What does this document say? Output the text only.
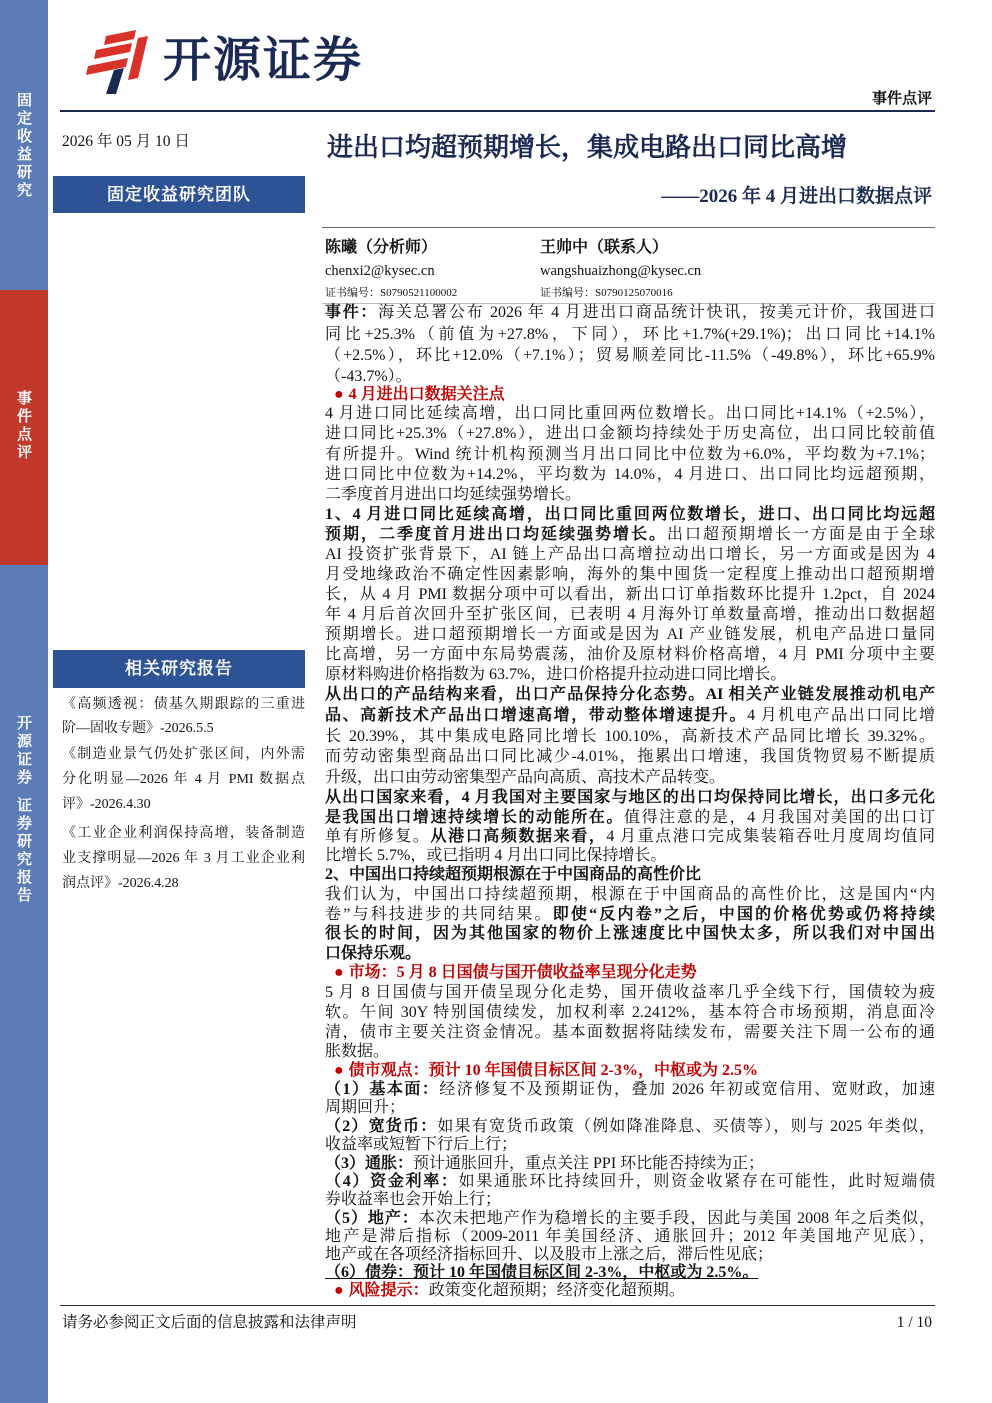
固定收益研究
事件点评
开源证券
证券研究报告
开源证券
事件点评
2026 年 05 月 10 日
固定收益研究团队
相关研究报告
《高频透视：债基久期跟踪的三重进
阶—固收专题》-2026.5.5
《制造业景气仍处扩张区间，内外需
分化明显—2026 年 4 月 PMI 数据点
评》-2026.4.30
《工业企业利润保持高增，装备制造
业支撑明显—2026 年 3 月工业企业利
润点评》-2026.4.28
进出口均超预期增长，集成电路出口同比高增
——2026 年 4 月进出口数据点评
陈曦（分析师）
chenxi2@kysec.cn
证书编号：S0790521100002
王帅中（联系人）
wangshuaizhong@kysec.cn
证书编号：S0790125070016
事件：海关总署公布 2026 年 4 月进出口商品统计快讯，按美元计价，我国进口
同比+25.3%（前值为+27.8%，下同），环比+1.7%(+29.1%)；出口同比+14.1%
（+2.5%），环比+12.0%（+7.1%）；贸易顺差同比-11.5%（-49.8%），环比+65.9%
（-43.7%）。
● 4 月进出口数据关注点
4 月进口同比延续高增，出口同比重回两位数增长。出口同比+14.1%（+2.5%），
进口同比+25.3%（+27.8%），进出口金额均持续处于历史高位，出口同比较前值
有所提升。Wind 统计机构预测当月出口同比中位数为+6.0%，平均数为+7.1%；
进口同比中位数为+14.2%，平均数为 14.0%，4 月进口、出口同比均远超预期，
二季度首月进出口均延续强势增长。
1、4 月进口同比延续高增，出口同比重回两位数增长，进口、出口同比均远超
预期，二季度首月进出口均延续强势增长。出口超预期增长一方面是由于全球
AI 投资扩张背景下，AI 链上产品出口高增拉动出口增长，另一方面或是因为 4
月受地缘政治不确定性因素影响，海外的集中囤货一定程度上推动出口超预期增
长，从 4 月 PMI 数据分项中可以看出，新出口订单指数环比提升 1.2pct，自 2024
年 4 月后首次回升至扩张区间，已表明 4 月海外订单数量高增，推动出口数据超
预期增长。进口超预期增长一方面或是因为 AI 产业链发展，机电产品进口量同
比高增，另一方面中东局势震荡，油价及原材料价格高增，4 月 PMI 分项中主要
原材料购进价格指数为 63.7%，进口价格提升拉动进口同比增长。
从出口的产品结构来看，出口产品保持分化态势。AI 相关产业链发展推动机电产
品、高新技术产品出口增速高增，带动整体增速提升。4 月机电产品出口同比增
长 20.39%，其中集成电路同比增长 100.10%，高新技术产品同比增长 39.32%。
而劳动密集型商品出口同比减少-4.01%，拖累出口增速，我国货物贸易不断提质
升级，出口由劳动密集型产品向高质、高技术产品转变。
从出口国家来看，4 月我国对主要国家与地区的出口均保持同比增长，出口多元化
是我国出口增速持续增长的动能所在。值得注意的是，4 月我国对美国的出口订
单有所修复。从港口高频数据来看，4 月重点港口完成集装箱吞吐月度周均值同
比增长 5.7%，或已指明 4 月出口同比保持增长。
2、中国出口持续超预期根源在于中国商品的高性价比
我们认为，中国出口持续超预期，根源在于中国商品的高性价比，这是国内“内
卷”与科技进步的共同结果。即使“反内卷”之后，中国的价格优势或仍将持续
很长的时间，因为其他国家的物价上涨速度比中国快太多，所以我们对中国出
口保持乐观。
● 市场：5 月 8 日国债与国开债收益率呈现分化走势
5 月 8 日国债与国开债呈现分化走势，国开债收益率几乎全线下行，国债较为疲
软。午间 30Y 特别国债续发，加权利率 2.2412%，基本符合市场预期，消息面冷
清，债市主要关注资金情况。基本面数据将陆续发布，需要关注下周一公布的通
胀数据。
● 债市观点：预计 10 年国债目标区间 2-3%，中枢或为 2.5%
（1）基本面：经济修复不及预期证伪，叠加 2026 年初或宽信用、宽财政，加速
周期回升；
（2）宽货币：如果有宽货币政策（例如降准降息、买债等），则与 2025 年类似，
收益率或短暂下行后上行；
（3）通胀：预计通胀回升，重点关注 PPI 环比能否持续为正；
（4）资金利率：如果通胀环比持续回升，则资金收紧存在可能性，此时短端债
券收益率也会开始上行；
（5）地产：本次未把地产作为稳增长的主要手段，因此与美国 2008 年之后类似，
地产是滞后指标（2009-2011 年美国经济、通胀回升；2012 年美国地产见底），
地产或在各项经济指标回升、以及股市上涨之后，滞后性见底；
（6）债券：预计 10 年国债目标区间 2-3%，中枢或为 2.5%。
● 风险提示：政策变化超预期；经济变化超预期。
请务必参阅正文后面的信息披露和法律声明	1 / 10
